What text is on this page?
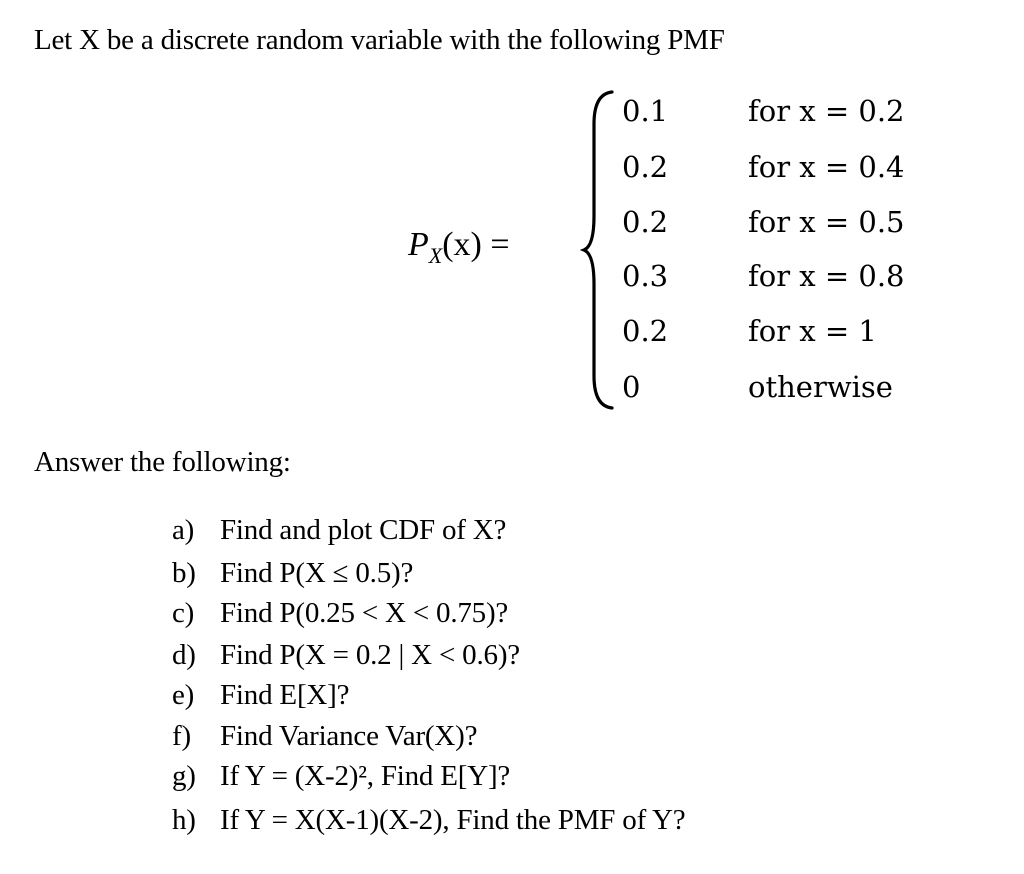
Let X be a discrete random variable with the following PMF
$P_X(x)$ =
0.1	for x = 0.2
0.2	for x = 0.4
0.2	for x = 0.5
0.3	for x = 0.8
0.2	for x = 1
0	otherwise
Answer the following:
a) Find and plot CDF of X?
b) Find P(X ≤ 0.5)?
c) Find P(0.25 < X < 0.75)?
d) Find P(X = 0.2 | X < 0.6)?
e) Find E[X]?
f) Find Variance Var(X)?
g) If Y = (X-2)², Find E[Y]?
h) If Y = X(X-1)(X-2), Find the PMF of Y?
